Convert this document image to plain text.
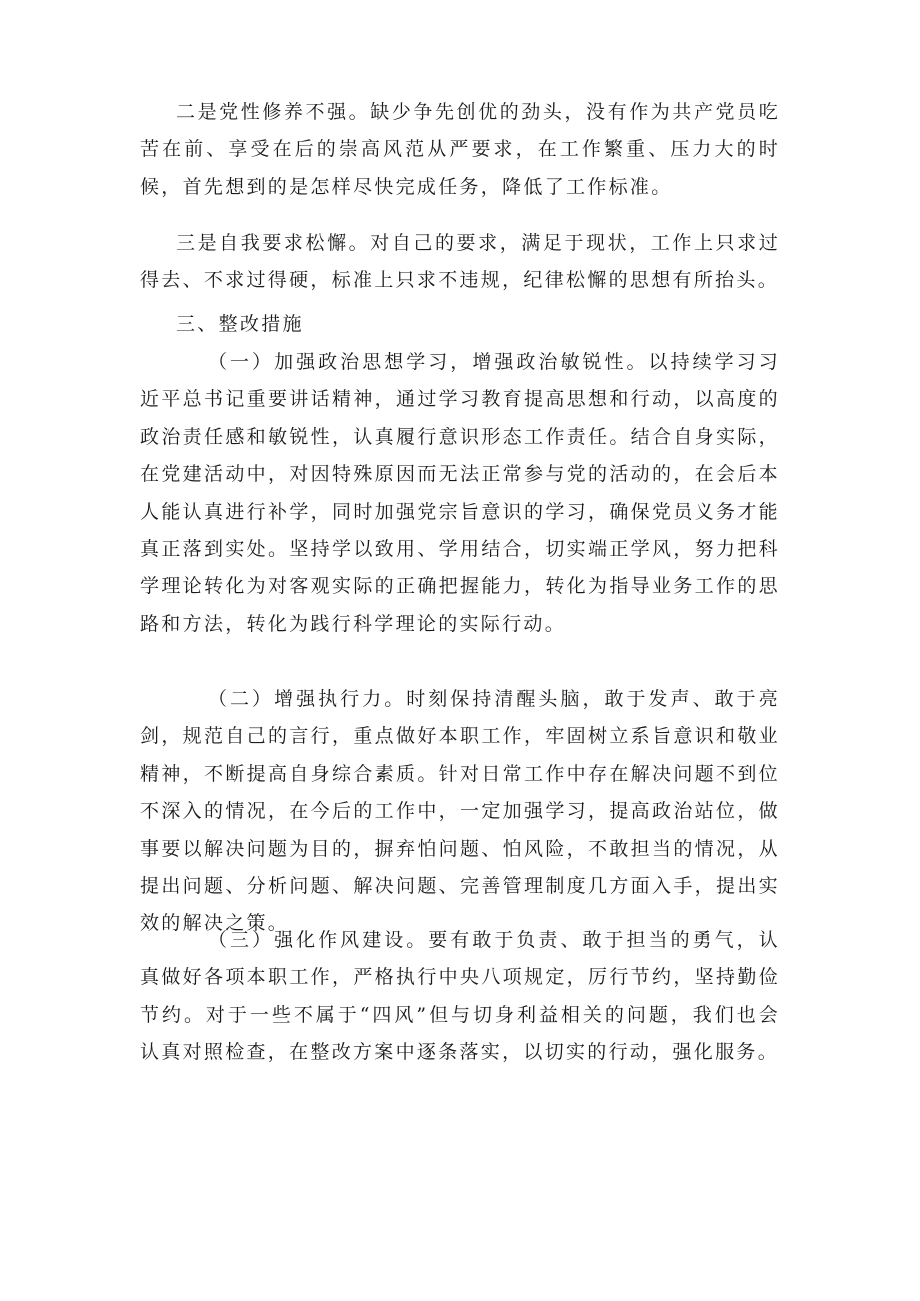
二是党性修养不强。缺少争先创优的劲头，没有作为共产党员吃苦在前、享受在后的崇高风范从严要求，在工作繁重、压力大的时候，首先想到的是怎样尽快完成任务，降低了工作标准。

三是自我要求松懈。对自己的要求，满足于现状，工作上只求过得去、不求过得硬，标准上只求不违规，纪律松懈的思想有所抬头。

三、整改措施

（一）加强政治思想学习，增强政治敏锐性。以持续学习习近平总书记重要讲话精神，通过学习教育提高思想和行动，以高度的政治责任感和敏锐性，认真履行意识形态工作责任。结合自身实际，在党建活动中，对因特殊原因而无法正常参与党的活动的，在会后本人能认真进行补学，同时加强党宗旨意识的学习，确保党员义务才能真正落到实处。坚持学以致用、学用结合，切实端正学风，努力把科学理论转化为对客观实际的正确把握能力，转化为指导业务工作的思路和方法，转化为践行科学理论的实际行动。

（二）增强执行力。时刻保持清醒头脑，敢于发声、敢于亮剑，规范自己的言行，重点做好本职工作，牢固树立系旨意识和敬业精神，不断提高自身综合素质。针对日常工作中存在解决问题不到位不深入的情况，在今后的工作中，一定加强学习，提高政治站位，做事要以解决问题为目的，摒弃怕问题、怕风险，不敢担当的情况，从提出问题、分析问题、解决问题、完善管理制度几方面入手，提出实效的解决之策。

（三）强化作风建设。要有敢于负责、敢于担当的勇气，认真做好各项本职工作，严格执行中央八项规定，厉行节约，坚持勤俭节约。对于一些不属于“四风”但与切身利益相关的问题，我们也会认真对照检查，在整改方案中逐条落实，以切实的行动，强化服务。
